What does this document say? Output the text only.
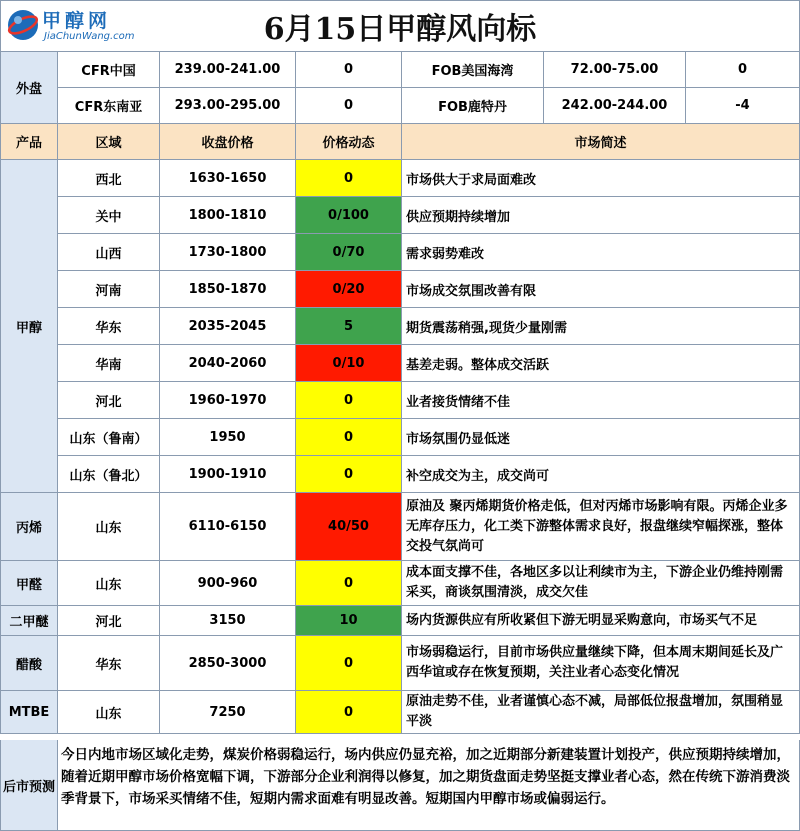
甲醇网
JiaChunWang.com	6月15日甲醇风向标
外盘
CFR中国	239.00-241.00	0	FOB美国海湾	72.00-75.00	0
CFR东南亚	293.00-295.00	0	FOB鹿特丹	242.00-244.00	-4
产品	区域	收盘价格	价格动态	市场简述
甲醇
西北	1630-1650	0	市场供大于求局面难改
关中	1800-1810	0/100	供应预期持续增加
山西	1730-1800	0/70	需求弱势难改
河南	1850-1870	0/20	市场成交氛围改善有限
华东	2035-2045	5	期货震荡稍强,现货少量刚需
华南	2040-2060	0/10	基差走弱。整体成交活跃
河北	1960-1970	0	业者接货情绪不佳
山东（鲁南）	1950	0	市场氛围仍显低迷
山东（鲁北）	1900-1910	0	补空成交为主，成交尚可
丙烯	山东	6110-6150	40/50
原油及 聚丙烯期货价格走低，但对丙烯市场影响有限。丙烯企业多无库存压力，化工类下游整体需求良好，报盘继续窄幅探涨，整体交投气氛尚可
甲醛	山东	900-960	0
成本面支撑不佳，各地区多以让利续市为主，下游企业仍维持刚需采买，商谈氛围清淡，成交欠佳
二甲醚	河北	3150	10	场内货源供应有所收紧但下游无明显采购意向，市场买气不足
醋酸	华东	2850-3000	0
市场弱稳运行，目前市场供应量继续下降，但本周末期间延长及广西华谊或存在恢复预期，关注业者心态变化情况
MTBE	山东	7250	0
原油走势不佳，业者谨慎心态不减，局部低位报盘增加，氛围稍显平淡
后市预测
今日内地市场区域化走势，煤炭价格弱稳运行，场内供应仍显充裕，加之近期部分新建装置计划投产，供应预期持续增加，随着近期甲醇市场价格宽幅下调，下游部分企业利润得以修复，加之期货盘面走势坚挺支撑业者心态，然在传统下游消费淡季背景下，市场采买情绪不佳，短期内需求面难有明显改善。短期国内甲醇市场或偏弱运行。
